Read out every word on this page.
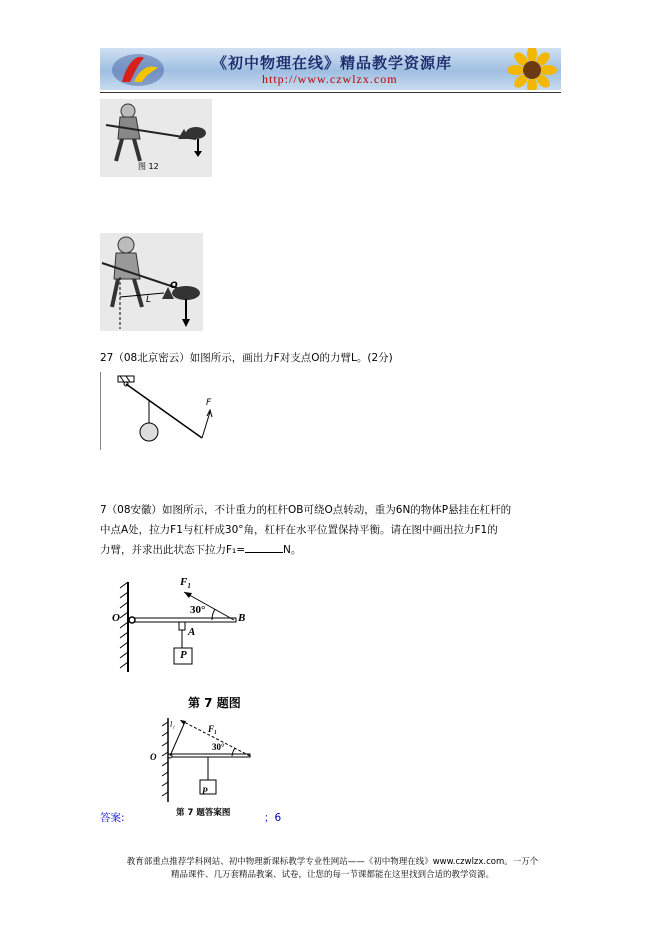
《初中物理在线》精品教学资源库
http://www.czwlzx.com
图 12
O
L
27（08北京密云）如图所示，画出力F对支点O的力臂L。(2分)
F
7（08安徽）如图所示，不计重力的杠杆OB可绕O点转动，重为6N的物体P悬挂在杠杆的
中点A处，拉力F1与杠杆成30°角，杠杆在水平位置保持平衡。请在图中画出拉力F1的
力臂，并求出此状态下拉力F₁=	N。
O
$F_1$
30°
B
A
P
第 7 题图
O
l₁	F₁
30°
P
第 7 题答案图
答案:	；6
教育部重点推荐学科网站、初中物理新课标教学专业性网站——《初中物理在线》www.czwlzx.com。一万个
精品课件、几万套精品教案、试卷，让您的每一节课都能在这里找到合适的教学资源。
